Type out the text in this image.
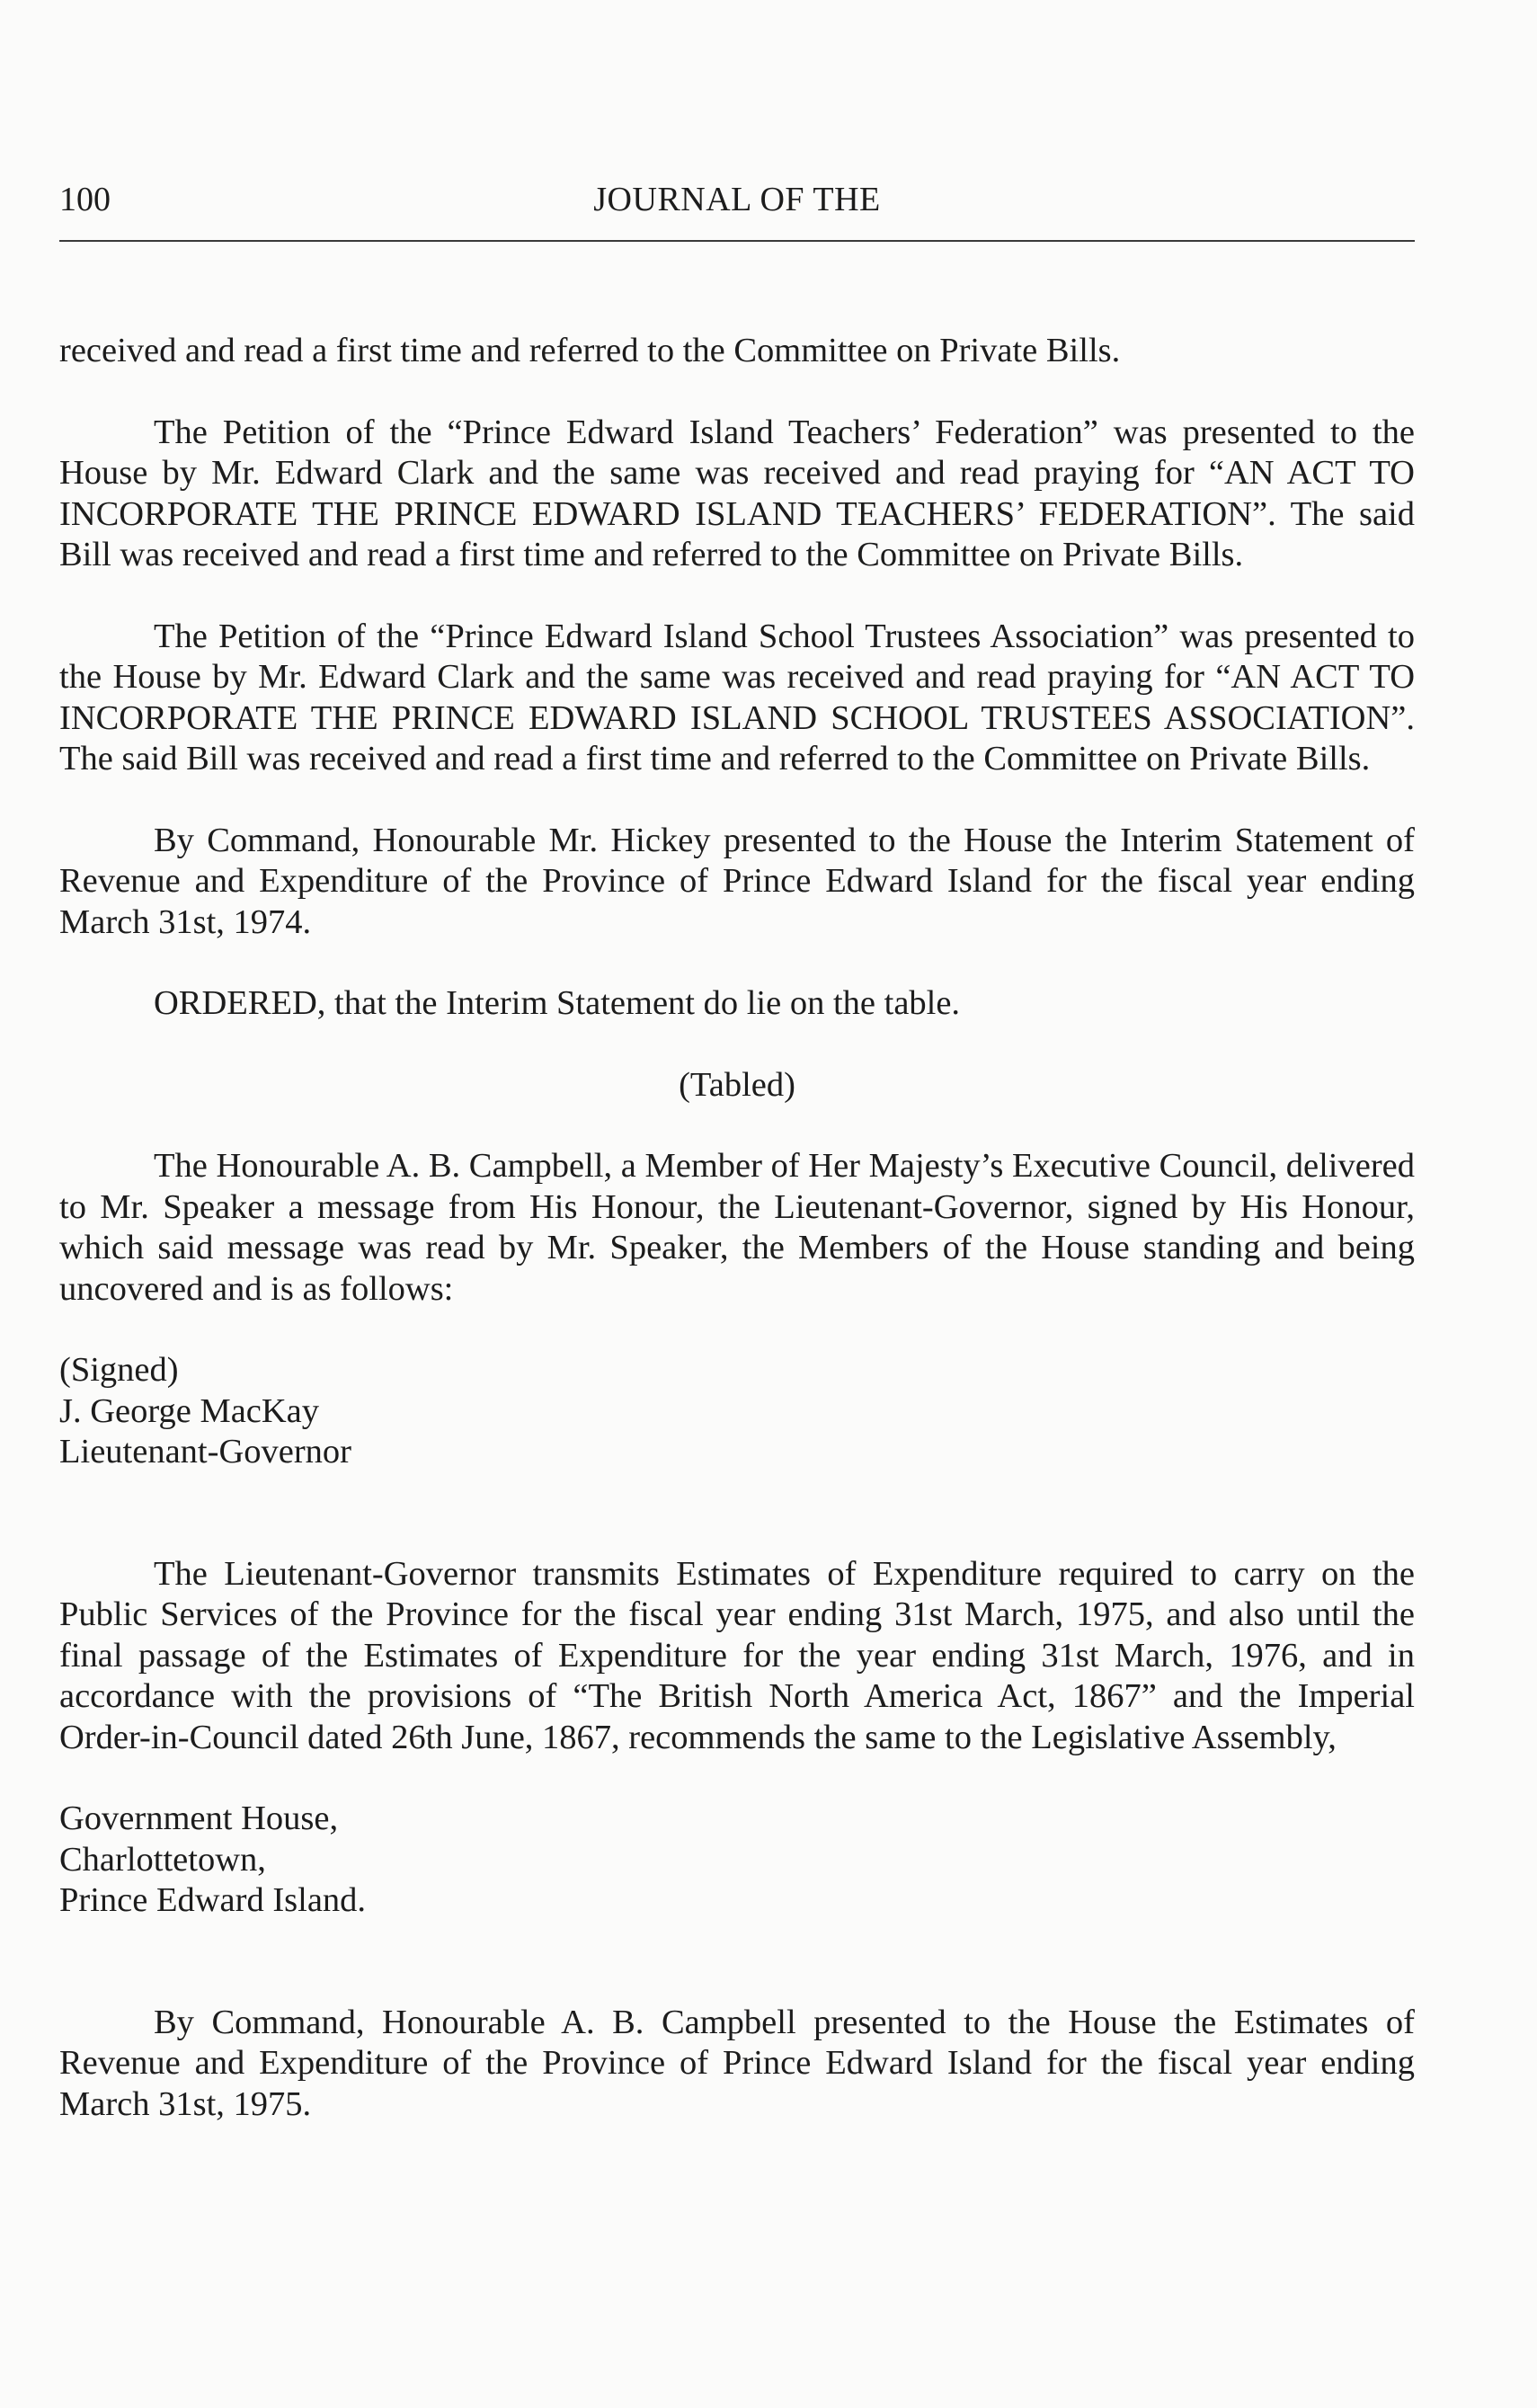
100	JOURNAL OF THE

received and read a first time and referred to the Committee on Private Bills.

The Petition of the “Prince Edward Island Teachers’ Federation” was presented to the House by Mr. Edward Clark and the same was received and read praying for “AN ACT TO INCORPORATE THE PRINCE EDWARD ISLAND TEACHERS’ FEDERATION”. The said Bill was received and read a first time and referred to the Committee on Private Bills.

The Petition of the “Prince Edward Island School Trustees Association” was presented to the House by Mr. Edward Clark and the same was received and read praying for “AN ACT TO INCORPORATE THE PRINCE EDWARD ISLAND SCHOOL TRUSTEES ASSOCIATION”. The said Bill was received and read a first time and referred to the Committee on Private Bills.

By Command, Honourable Mr. Hickey presented to the House the Interim Statement of Revenue and Expenditure of the Province of Prince Edward Island for the fiscal year ending March 31st, 1974.

ORDERED, that the Interim Statement do lie on the table.

(Tabled)

The Honourable A. B. Campbell, a Member of Her Majesty’s Executive Council, delivered to Mr. Speaker a message from His Honour, the Lieutenant-Governor, signed by His Honour, which said message was read by Mr. Speaker, the Members of the House standing and being uncovered and is as follows:

(Signed)

J. George MacKay

Lieutenant-Governor

The Lieutenant-Governor transmits Estimates of Expenditure required to carry on the Public Services of the Province for the fiscal year ending 31st March, 1975, and also until the final passage of the Estimates of Expenditure for the year ending 31st March, 1976, and in accordance with the provisions of “The British North America Act, 1867” and the Imperial Order-in-Council dated 26th June, 1867, recommends the same to the Legislative Assembly,

Government House,

Charlottetown,

Prince Edward Island.

By Command, Honourable A. B. Campbell presented to the House the Estimates of Revenue and Expenditure of the Province of Prince Edward Island for the fiscal year ending March 31st, 1975.
